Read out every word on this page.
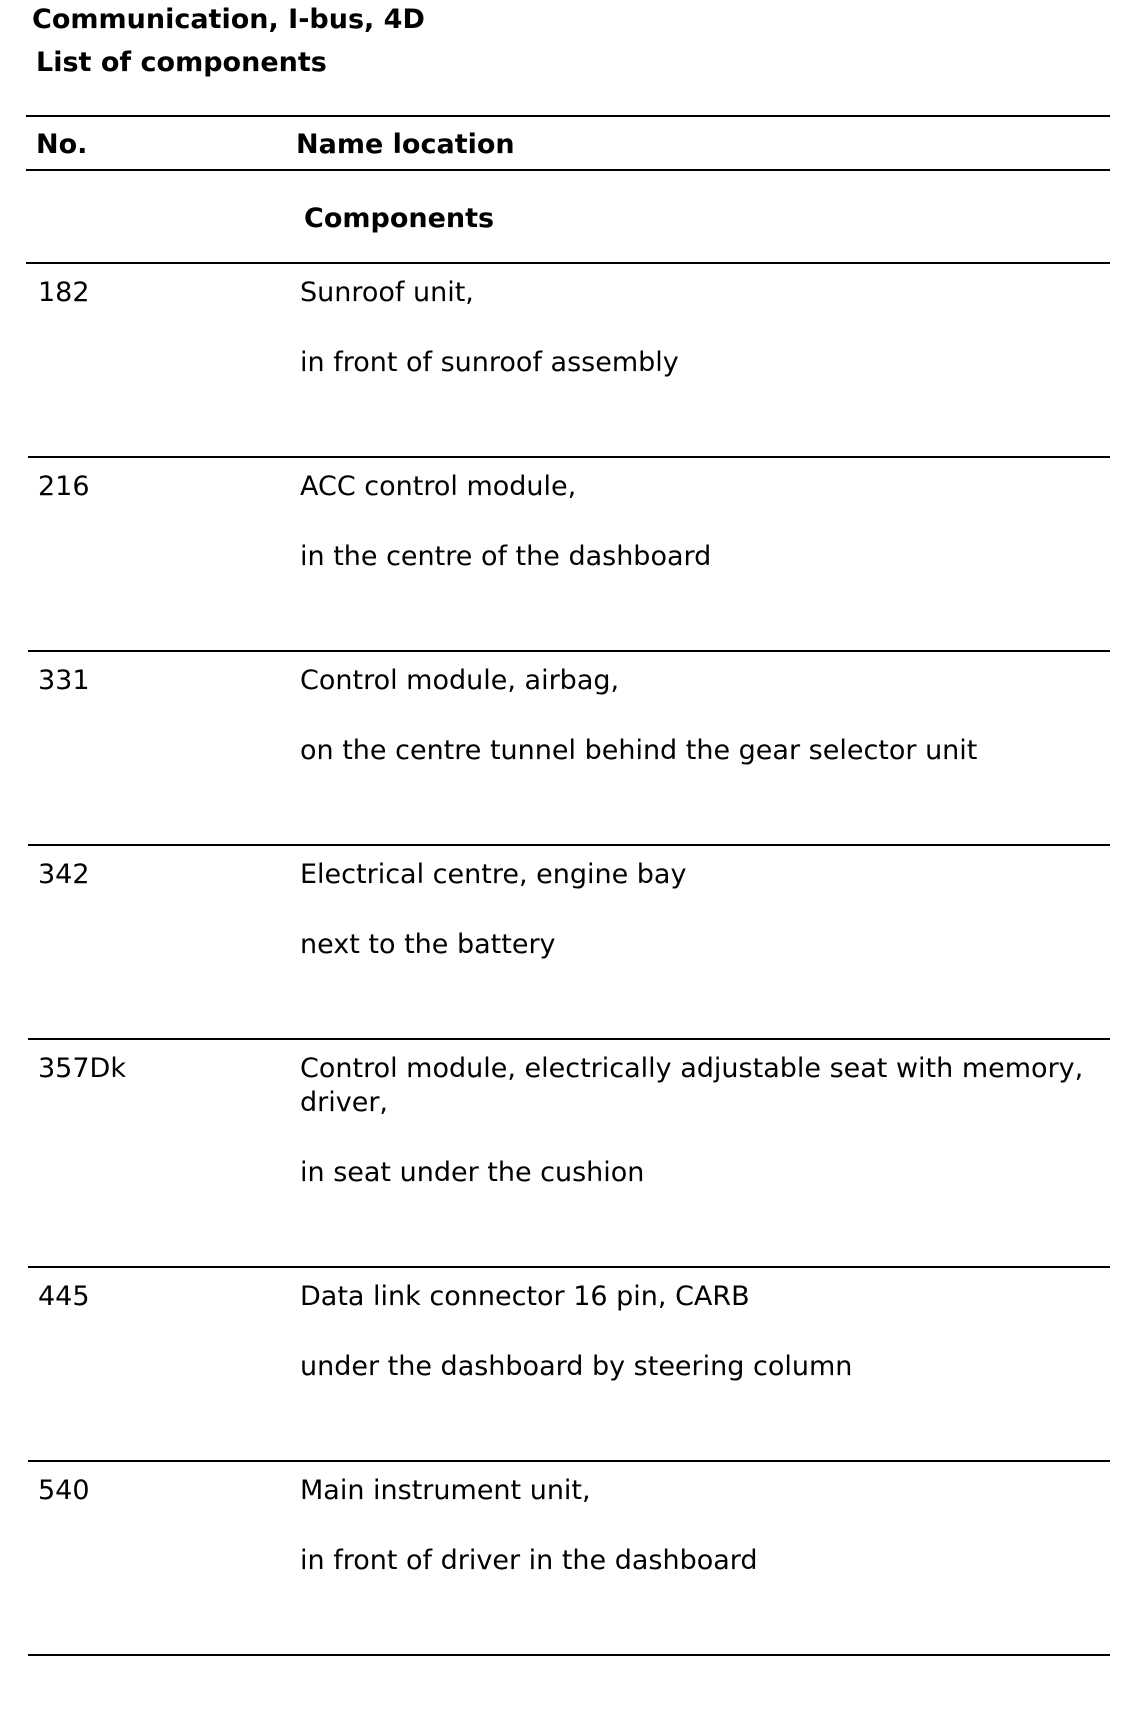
Communication, I-bus, 4D
List of components
No.	Name location
Components
182	Sunroof unit,
in front of sunroof assembly
216	ACC control module,
in the centre of the dashboard
331	Control module, airbag,
on the centre tunnel behind the gear selector unit
342	Electrical centre, engine bay
next to the battery
357Dk	Control module, electrically adjustable seat with memory, driver,
in seat under the cushion
445	Data link connector 16 pin, CARB
under the dashboard by steering column
540	Main instrument unit,
in front of driver in the dashboard
